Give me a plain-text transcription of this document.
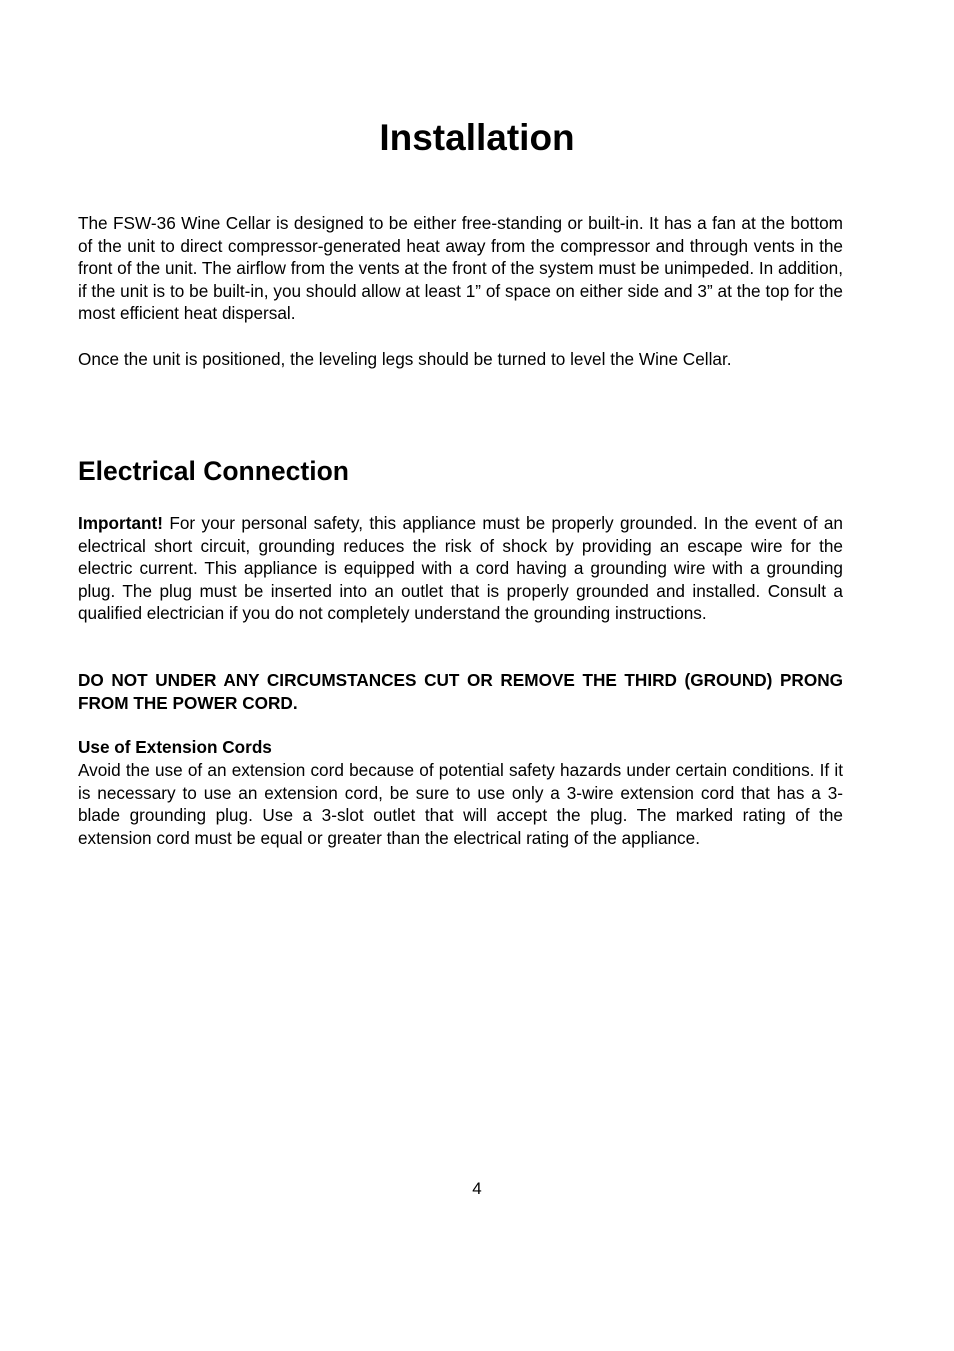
Installation

The FSW-36 Wine Cellar is designed to be either free-standing or built-in. It has a fan at the bottom of the unit to direct compressor-generated heat away from the compressor and through vents in the front of the unit. The airflow from the vents at the front of the system must be unimpeded. In addition, if the unit is to be built-in, you should allow at least 1” of space on either side and 3” at the top for the most efficient heat dispersal.

Once the unit is positioned, the leveling legs should be turned to level the Wine Cellar.

Electrical Connection

Important! For your personal safety, this appliance must be properly grounded. In the event of an electrical short circuit, grounding reduces the risk of shock by providing an escape wire for the electric current. This appliance is equipped with a cord having a grounding wire with a grounding plug. The plug must be inserted into an outlet that is properly grounded and installed. Consult a qualified electrician if you do not completely understand the grounding instructions.

DO NOT UNDER ANY CIRCUMSTANCES CUT OR REMOVE THE THIRD (GROUND) PRONG FROM THE POWER CORD.

Use of Extension Cords

Avoid the use of an extension cord because of potential safety hazards under certain conditions. If it is necessary to use an extension cord, be sure to use only a 3-wire extension cord that has a 3-blade grounding plug. Use a 3-slot outlet that will accept the plug. The marked rating of the extension cord must be equal or greater than the electrical rating of the appliance.

4
